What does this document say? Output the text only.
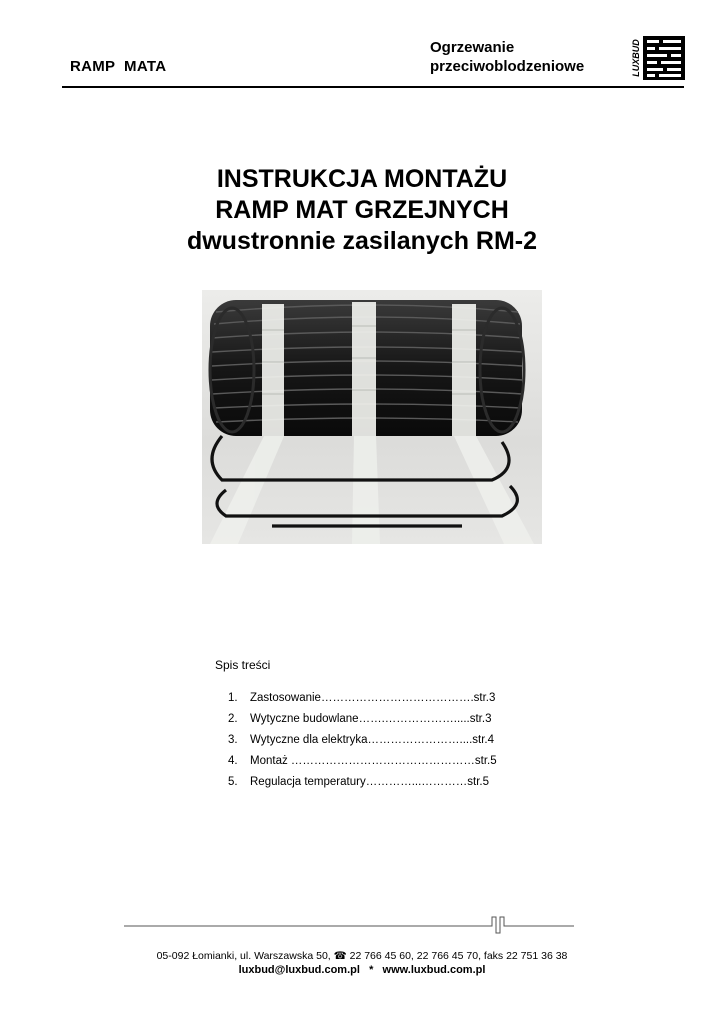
RAMP  MATA
Ogrzewanie
przeciwoblodzeniowe	LUXBUD
INSTRUKCJA MONTAŻU
RAMP MAT GRZEJNYCH
dwustronnie zasilanych RM-2
Spis treści
1.	Zastosowanie………………………………….str.3
2.	Wytyczne budowlane…….……………….....str.3
3.	Wytyczne dla elektryka……………………....str.4
4.	Montaż …………………………………………str.5
5.	Regulacja temperatury…………...…………str.5
05-092 Łomianki, ul. Warszawska 50, ☎ 22 766 45 60, 22 766 45 70, faks 22 751 36 38
luxbud@luxbud.com.pl   *   www.luxbud.com.pl
